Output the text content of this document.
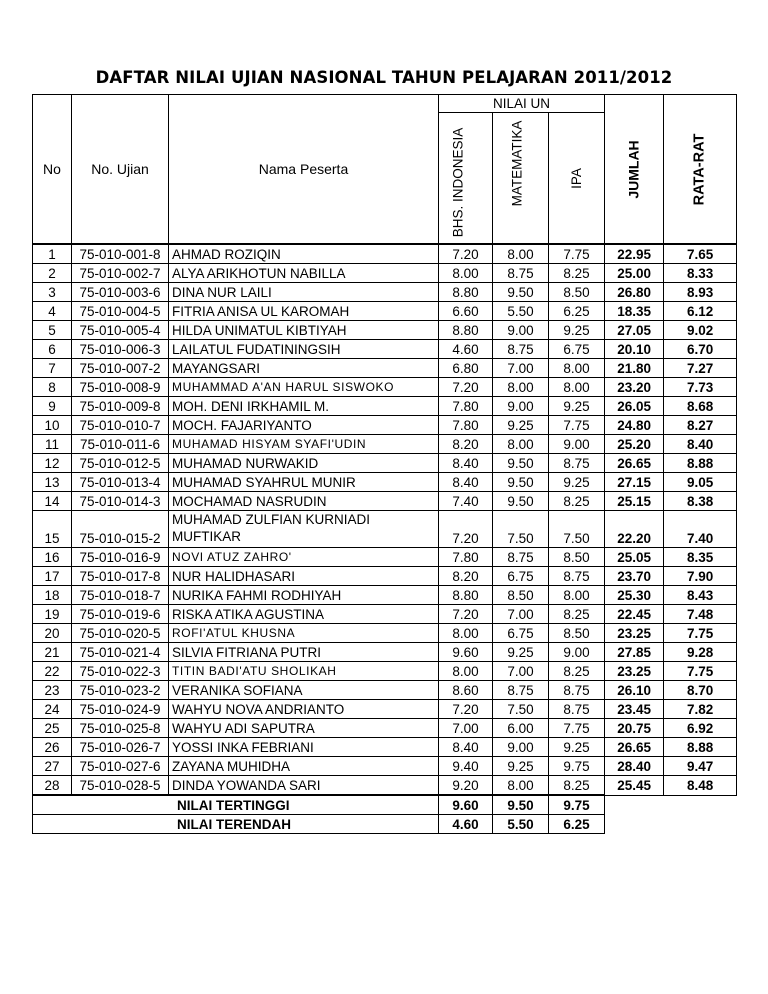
DAFTAR NILAI UJIAN NASIONAL TAHUN PELAJARAN 2011/2012
No	No. Ujian	Nama Peserta	NILAI UN			JUMLAH	RATA-RAT

			BHS. INDONESIA	MATEMATIKA	IPA		
1	75-010-001-8	AHMAD ROZIQIN	7.20	8.00	7.75	22.95	7.65
2	75-010-002-7	ALYA ARIKHOTUN NABILLA	8.00	8.75	8.25	25.00	8.33
3	75-010-003-6	DINA NUR LAILI	8.80	9.50	8.50	26.80	8.93
4	75-010-004-5	FITRIA ANISA UL KAROMAH	6.60	5.50	6.25	18.35	6.12
5	75-010-005-4	HILDA UNIMATUL KIBTIYAH	8.80	9.00	9.25	27.05	9.02
6	75-010-006-3	LAILATUL FUDATININGSIH	4.60	8.75	6.75	20.10	6.70
7	75-010-007-2	MAYANGSARI	6.80	7.00	8.00	21.80	7.27
8	75-010-008-9	MUHAMMAD A'AN HARUL SISWOKO	7.20	8.00	8.00	23.20	7.73
9	75-010-009-8	MOH. DENI IRKHAMIL M.	7.80	9.00	9.25	26.05	8.68
10	75-010-010-7	MOCH. FAJARIYANTO	7.80	9.25	7.75	24.80	8.27
11	75-010-011-6	MUHAMAD HISYAM SYAFI'UDIN	8.20	8.00	9.00	25.20	8.40
12	75-010-012-5	MUHAMAD NURWAKID	8.40	9.50	8.75	26.65	8.88
13	75-010-013-4	MUHAMAD SYAHRUL MUNIR	8.40	9.50	9.25	27.15	9.05
14	75-010-014-3	MOCHAMAD NASRUDIN	7.40	9.50	8.25	25.15	8.38
15	75-010-015-2	MUHAMAD ZULFIAN KURNIADI MUFTIKAR	7.20	7.50	7.50	22.20	7.40
16	75-010-016-9	NOVI ATUZ ZAHRO'	7.80	8.75	8.50	25.05	8.35
17	75-010-017-8	NUR HALIDHASARI	8.20	6.75	8.75	23.70	7.90
18	75-010-018-7	NURIKA FAHMI RODHIYAH	8.80	8.50	8.00	25.30	8.43
19	75-010-019-6	RISKA ATIKA AGUSTINA	7.20	7.00	8.25	22.45	7.48
20	75-010-020-5	ROFI'ATUL KHUSNA	8.00	6.75	8.50	23.25	7.75
21	75-010-021-4	SILVIA FITRIANA PUTRI	9.60	9.25	9.00	27.85	9.28
22	75-010-022-3	TITIN BADI'ATU SHOLIKAH	8.00	7.00	8.25	23.25	7.75
23	75-010-023-2	VERANIKA SOFIANA	8.60	8.75	8.75	26.10	8.70
24	75-010-024-9	WAHYU NOVA ANDRIANTO	7.20	7.50	8.75	23.45	7.82
25	75-010-025-8	WAHYU ADI SAPUTRA	7.00	6.00	7.75	20.75	6.92
26	75-010-026-7	YOSSI INKA FEBRIANI	8.40	9.00	9.25	26.65	8.88
27	75-010-027-6	ZAYANA MUHIDHA	9.40	9.25	9.75	28.40	9.47
28	75-010-028-5	DINDA YOWANDA SARI	9.20	8.00	8.25	25.45	8.48
NILAI TERTINGGI			9.60	9.50	9.75		
NILAI TERENDAH			4.60	5.50	6.25		
